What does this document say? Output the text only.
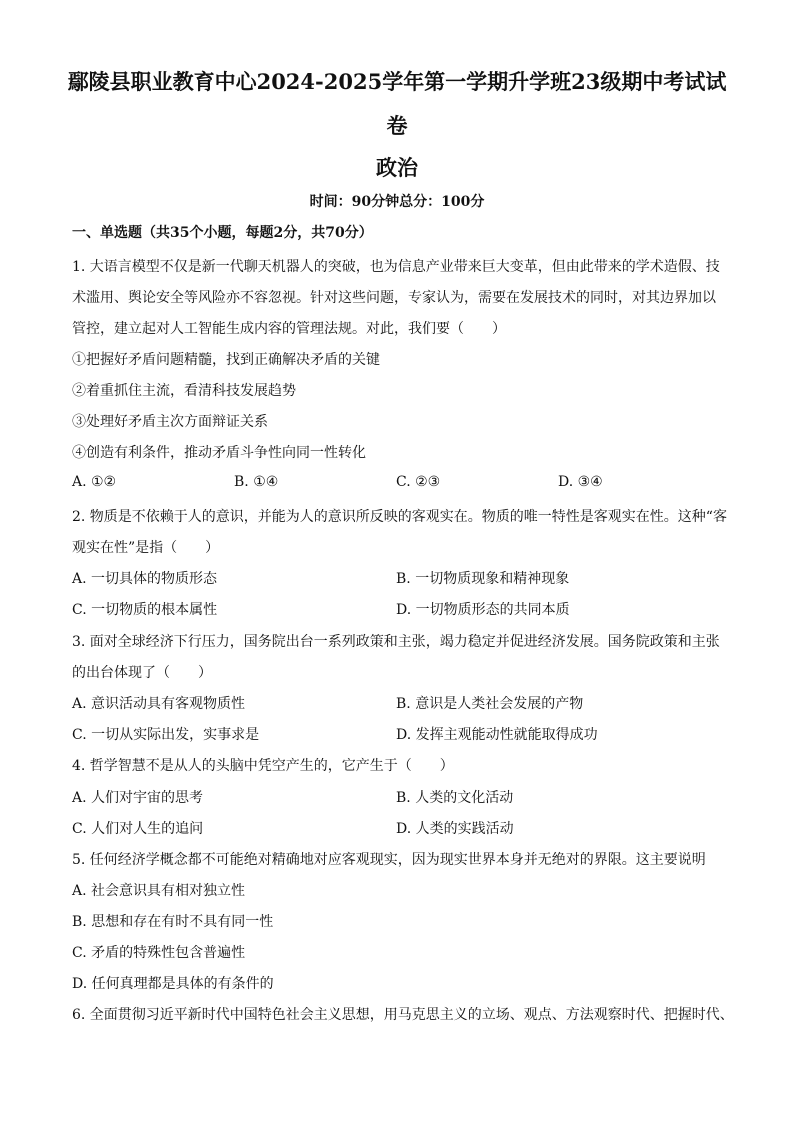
鄢陵县职业教育中心2024-2025学年第一学期升学班23级期中考试试
卷
政治
时间：90分钟总分：100分
一、单选题（共35个小题，每题2分，共70分）
1. 大语言模型不仅是新一代聊天机器人的突破，也为信息产业带来巨大变革，但由此带来的学术造假、技
术滥用、舆论安全等风险亦不容忽视。针对这些问题，专家认为，需要在发展技术的同时，对其边界加以
管控，建立起对人工智能生成内容的管理法规。对此，我们要（　　）
①把握好矛盾问题精髓，找到正确解决矛盾的关键
②着重抓住主流，看清科技发展趋势
③处理好矛盾主次方面辩证关系
④创造有利条件，推动矛盾斗争性向同一性转化
A. ①②	B. ①④	C. ②③	D. ③④
2. 物质是不依赖于人的意识，并能为人的意识所反映的客观实在。物质的唯一特性是客观实在性。这种“客
观实在性”是指（　　）
A. 一切具体的物质形态	B. 一切物质现象和精神现象
C. 一切物质的根本属性	D. 一切物质形态的共同本质
3. 面对全球经济下行压力，国务院出台一系列政策和主张，竭力稳定并促进经济发展。国务院政策和主张
的出台体现了（　　）
A. 意识活动具有客观物质性	B. 意识是人类社会发展的产物
C. 一切从实际出发，实事求是	D. 发挥主观能动性就能取得成功
4. 哲学智慧不是从人的头脑中凭空产生的，它产生于（　　）
A. 人们对宇宙的思考	B. 人类的文化活动
C. 人们对人生的追问	D. 人类的实践活动
5. 任何经济学概念都不可能绝对精确地对应客观现实，因为现实世界本身并无绝对的界限。这主要说明
A. 社会意识具有相对独立性
B. 思想和存在有时不具有同一性
C. 矛盾的特殊性包含普遍性
D. 任何真理都是具体的有条件的
6. 全面贯彻习近平新时代中国特色社会主义思想，用马克思主义的立场、观点、方法观察时代、把握时代、
